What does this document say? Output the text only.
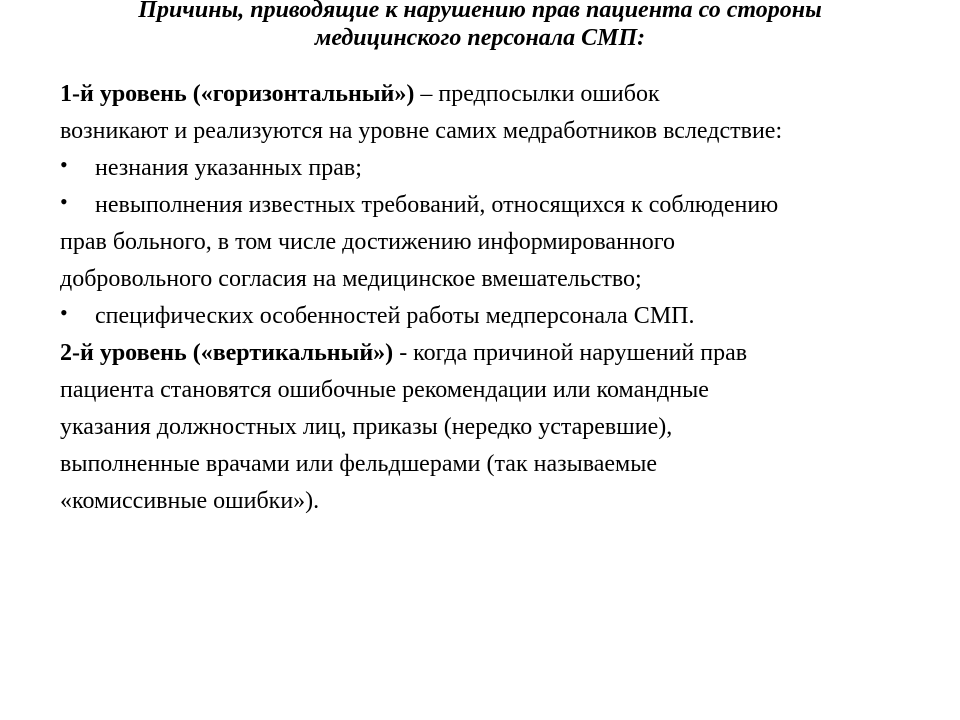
Причины, приводящие к нарушению прав пациента со стороны
медицинского персонала СМП:
1-й уровень («горизонтальный») – предпосылки ошибок
возникают и реализуются на уровне самих медработников вследствие:
• незнания указанных прав;
• невыполнения известных требований, относящихся к соблюдению
прав больного, в том числе достижению информированного
добровольного согласия на медицинское вмешательство;
• специфических особенностей работы медперсонала СМП.
2-й уровень («вертикальный») - когда причиной нарушений прав
пациента становятся ошибочные рекомендации или командные
указания должностных лиц, приказы (нередко устаревшие),
выполненные врачами или фельдшерами (так называемые
«комиссивные ошибки»).
